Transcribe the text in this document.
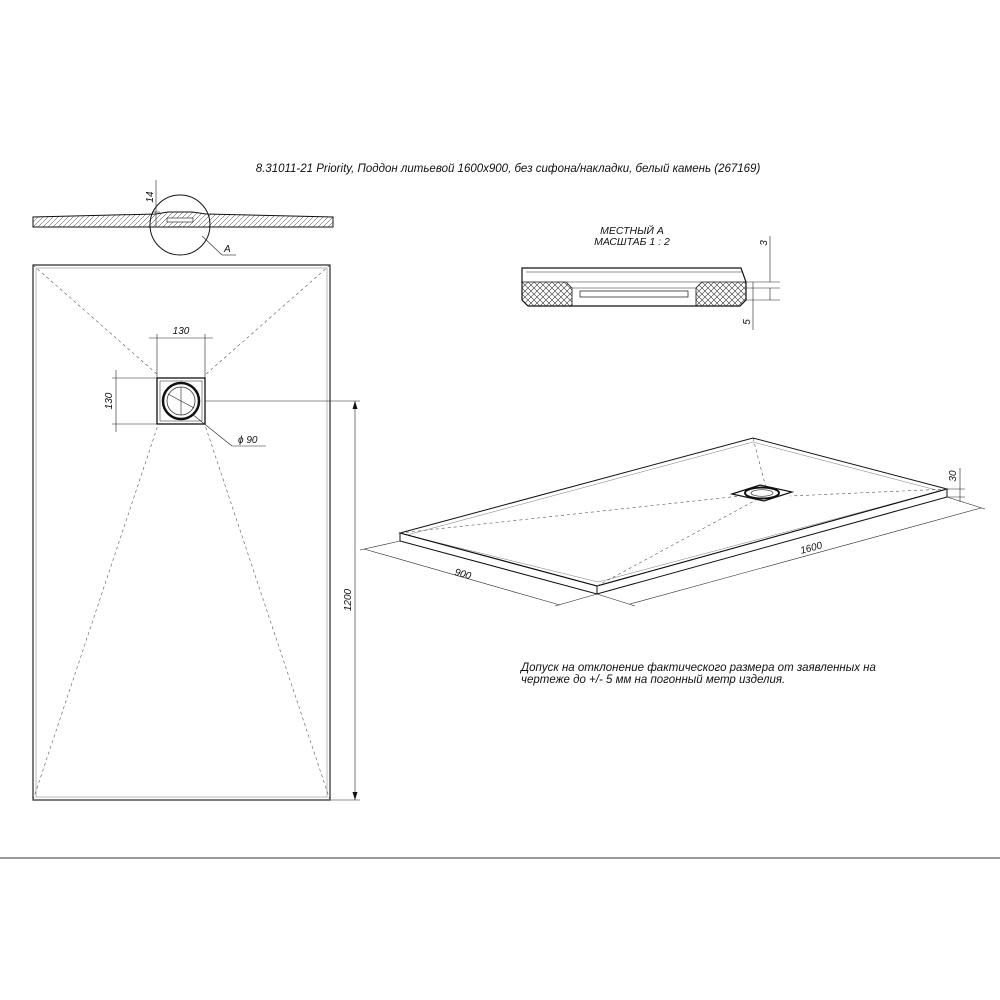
8.31011-21 Priority, Поддон литьевой 1600х900, без сифона/накладки, белый камень (267169)
14
A
130
130
ϕ 90
1200
МЕСТНЫЙ А
МАСШТАБ 1 : 2	3
5
900
1600
30

Допуск на отклонение фактического размера от заявленных на чертеже до +/- 5 мм на погонный метр изделия.
